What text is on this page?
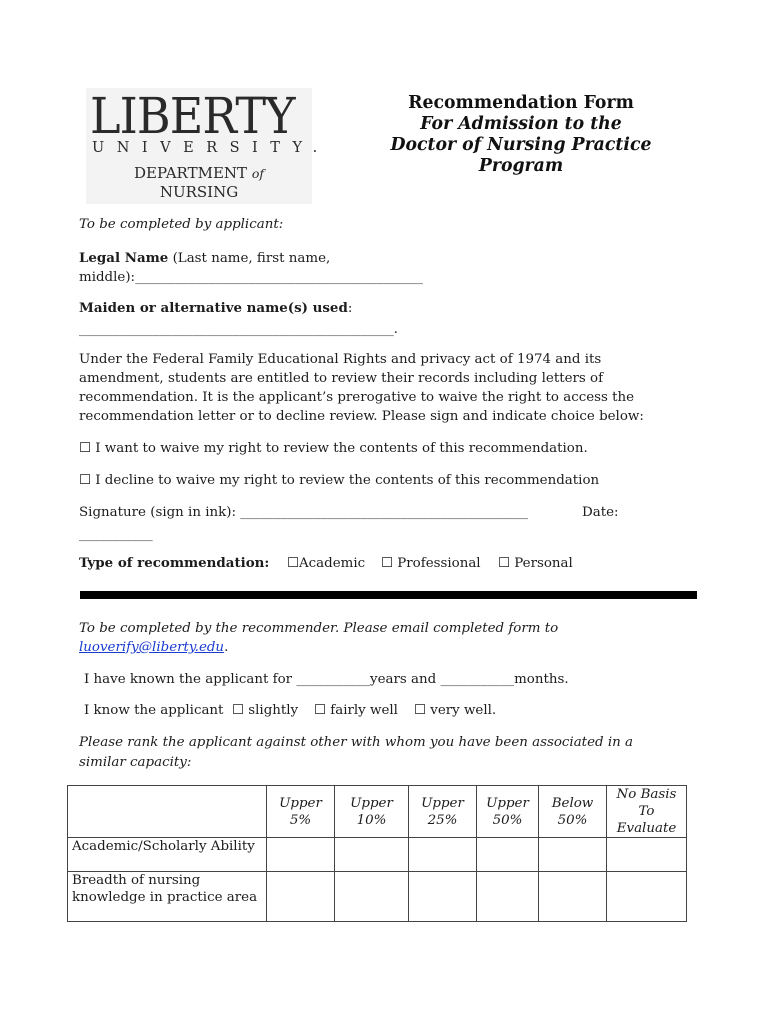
LIBERTY
UNIVERSITY.
DEPARTMENT of
NURSING
Recommendation Form
For Admission to the
Doctor of Nursing Practice
Program
To be completed by applicant:
Legal Name (Last name, first name,
middle):___________________________________________
Maiden or alternative name(s) used:
_______________________________________________.
Under the Federal Family Educational Rights and privacy act of 1974 and its
amendment, students are entitled to review their records including letters of
recommendation. It is the applicant’s prerogative to waive the right to access the
recommendation letter or to decline review. Please sign and indicate choice below:
☐ I want to waive my right to review the contents of this recommendation.
☐ I decline to waive my right to review the contents of this recommendation
Signature (sign in ink): ___________________________________________	Date:
___________
Type of recommendation: ☐Academic ☐ Professional ☐ Personal
To be completed by the recommender. Please email completed form to
luoverify@liberty.edu.
I have known the applicant for ___________years and ___________months.
I know the applicant ☐ slightly ☐ fairly well ☐ very well.
Please rank the applicant against other with whom you have been associated in a
similar capacity:
	Upper 5%	Upper 10%	Upper 25%	Upper 50%	Below 50%	No Basis To Evaluate
Academic/Scholarly Ability						
Breadth of nursing knowledge in practice area						
